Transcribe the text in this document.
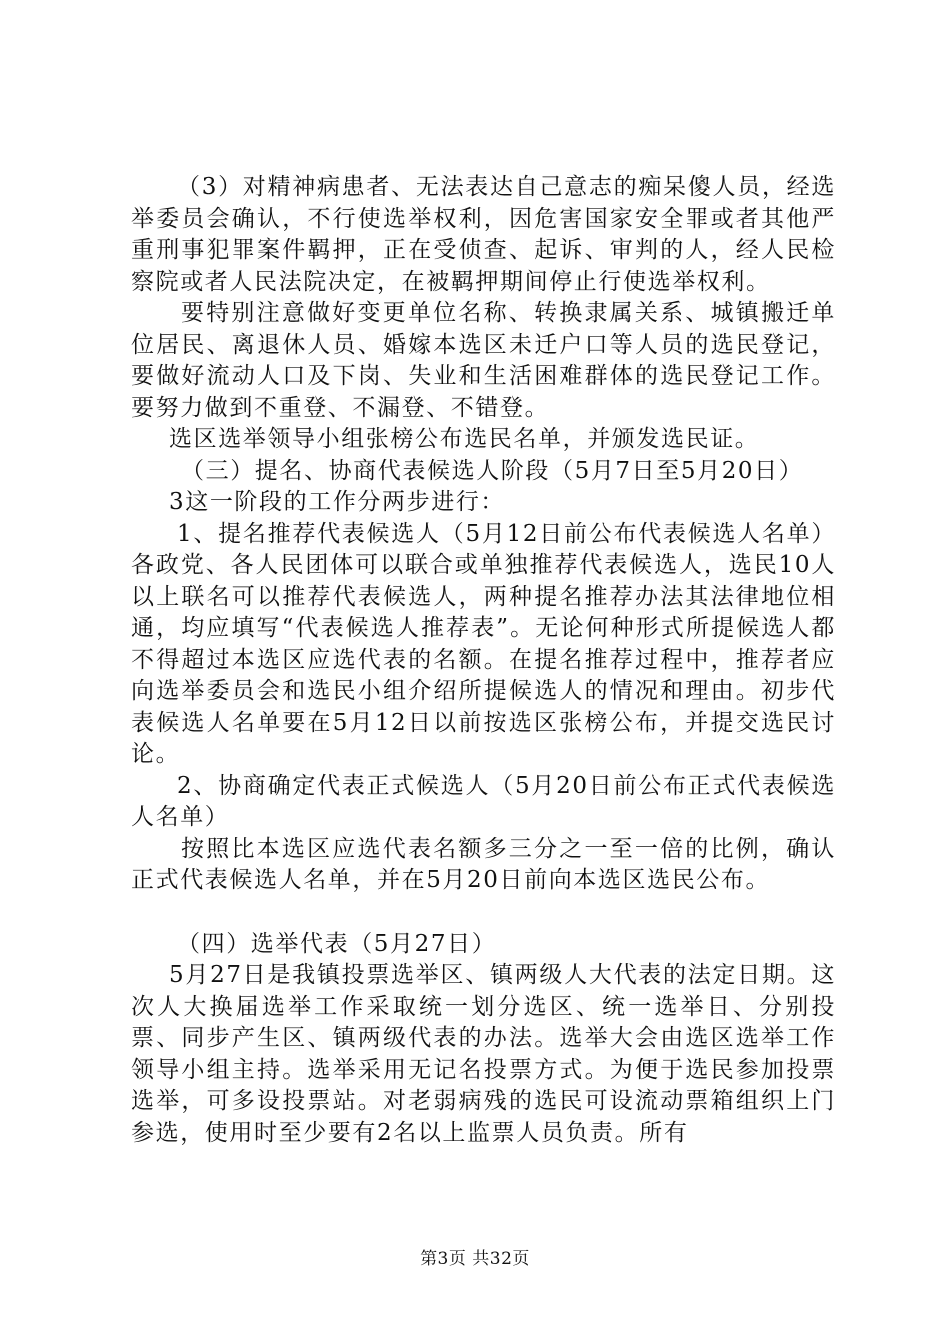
（3）对精神病患者、无法表达自己意志的痴呆傻人员，经选举委员会确认，不行使选举权利，因危害国家安全罪或者其他严重刑事犯罪案件羁押，正在受侦查、起诉、审判的人，经人民检察院或者人民法院决定，在被羁押期间停止行使选举权利。

要特别注意做好变更单位名称、转换隶属关系、城镇搬迁单位居民、离退休人员、婚嫁本选区未迁户口等人员的选民登记，要做好流动人口及下岗、失业和生活困难群体的选民登记工作。要努力做到不重登、不漏登、不错登。

选区选举领导小组张榜公布选民名单，并颁发选民证。

（三）提名、协商代表候选人阶段（5月7日至5月20日）

3这一阶段的工作分两步进行：

1、提名推荐代表候选人（5月12日前公布代表候选人名单）各政党、各人民团体可以联合或单独推荐代表候选人，选民10人以上联名可以推荐代表候选人，两种提名推荐办法其法律地位相通，均应填写“代表候选人推荐表”。无论何种形式所提候选人都不得超过本选区应选代表的名额。在提名推荐过程中，推荐者应向选举委员会和选民小组介绍所提候选人的情况和理由。初步代表候选人名单要在5月12日以前按选区张榜公布，并提交选民讨论。

2、协商确定代表正式候选人（5月20日前公布正式代表候选人名单）

按照比本选区应选代表名额多三分之一至一倍的比例，确认正式代表候选人名单，并在5月20日前向本选区选民公布。

（四）选举代表（5月27日）

5月27日是我镇投票选举区、镇两级人大代表的法定日期。这次人大换届选举工作采取统一划分选区、统一选举日、分别投票、同步产生区、镇两级代表的办法。选举大会由选区选举工作领导小组主持。选举采用无记名投票方式。为便于选民参加投票选举，可多设投票站。对老弱病残的选民可设流动票箱组织上门参选，使用时至少要有2名以上监票人员负责。所有

第3页 共32页
